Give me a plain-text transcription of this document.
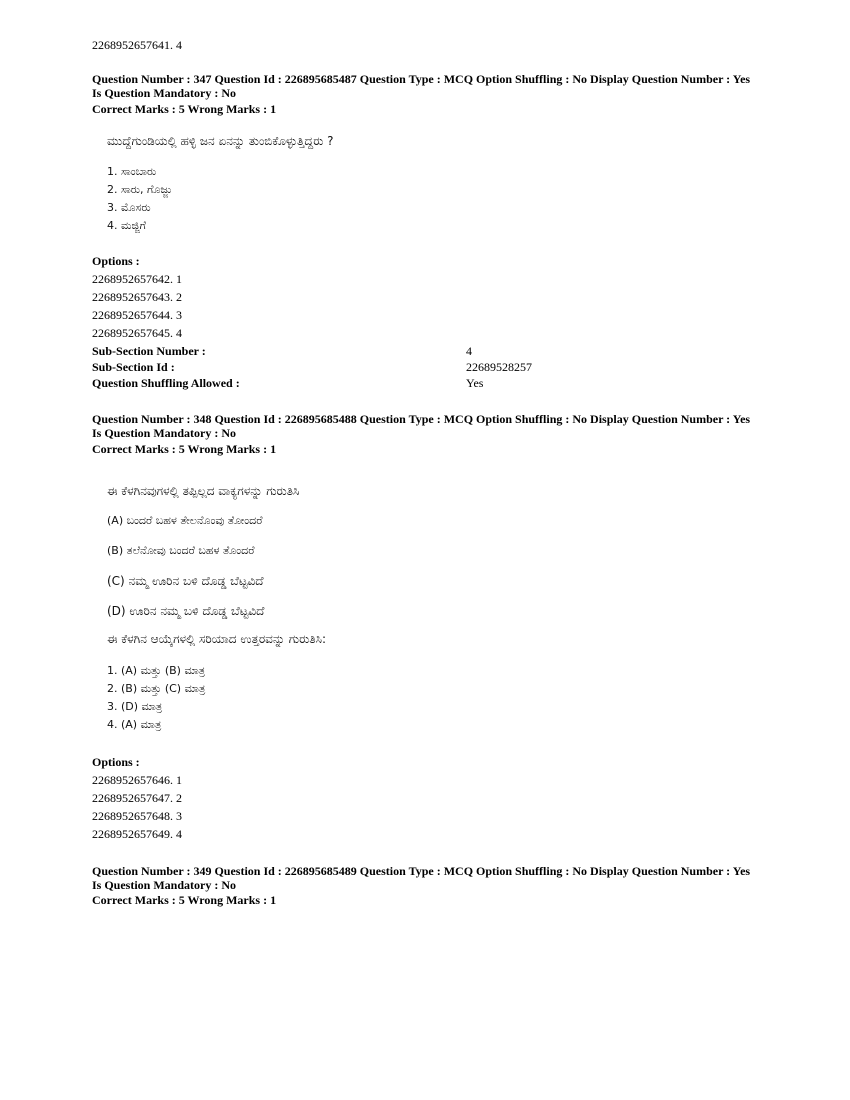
2268952657641. 4
Question Number : 347 Question Id : 226895685487 Question Type : MCQ Option Shuffling : No Display Question Number : Yes Is Question Mandatory : No
Correct Marks : 5 Wrong Marks : 1
ಮುದ್ದೆಗುಂಡಿಯಲ್ಲಿ ಹಳ್ಳಿ ಜನ ಏನನ್ನು ತುಂಬಿಕೊಳ್ಳುತ್ತಿದ್ದರು ?
1. ಸಾಂಬಾರು
2. ಸಾರು, ಗೊಜ್ಜು
3. ಮೊಸರು
4. ಮಜ್ಜಿಗೆ
Options :
2268952657642. 1
2268952657643. 2
2268952657644. 3
2268952657645. 4
Sub-Section Number :	4
Sub-Section Id :	22689528257
Question Shuffling Allowed :	Yes
Question Number : 348 Question Id : 226895685488 Question Type : MCQ Option Shuffling : No Display Question Number : Yes Is Question Mandatory : No
Correct Marks : 5 Wrong Marks : 1
ಈ ಕೆಳಗಿನವುಗಳಲ್ಲಿ ತಪ್ಪಿಲ್ಲದ ವಾಕ್ಯಗಳನ್ನು ಗುರುತಿಸಿ
(A) ಬಂದರೆ ಬಹಳ ತೇಲನೊಂವು ತೋಂದರೆ
(B) ತಲೆನೋವು ಬಂದರೆ ಬಹಳ ತೊಂದರೆ
(C) ನಮ್ಮ ಊರಿನ ಬಳಿ ದೊಡ್ಡ ಬೆಟ್ಟವಿದೆ
(D) ಊರಿನ ನಮ್ಮ ಬಳಿ ದೊಡ್ಡ ಬೆಟ್ಟವಿದೆ
ಈ ಕೆಳಗಿನ ಆಯ್ಕೆಗಳಲ್ಲಿ ಸರಿಯಾದ ಉತ್ತರವನ್ನು ಗುರುತಿಸಿ:
1. (A) ಮತ್ತು (B) ಮಾತ್ರ
2. (B) ಮತ್ತು (C) ಮಾತ್ರ
3. (D) ಮಾತ್ರ
4. (A) ಮಾತ್ರ
Options :
2268952657646. 1
2268952657647. 2
2268952657648. 3
2268952657649. 4
Question Number : 349 Question Id : 226895685489 Question Type : MCQ Option Shuffling : No Display Question Number : Yes Is Question Mandatory : No
Correct Marks : 5 Wrong Marks : 1
